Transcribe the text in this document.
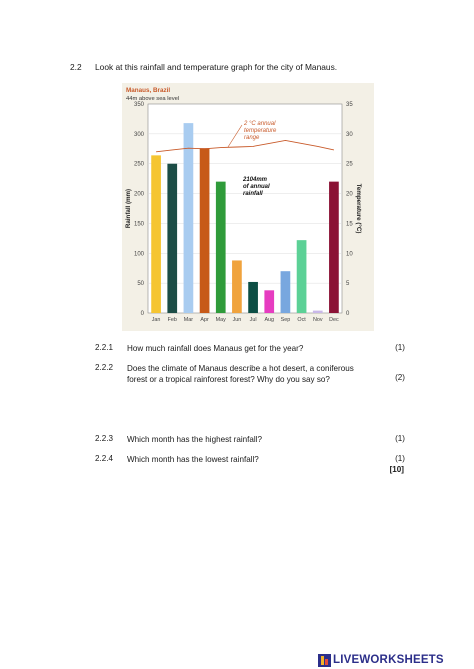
2.2 Look at this rainfall and temperature graph for the city of Manaus.
Manaus, Brazil
44m above sea level
0
50
100
150
200
250
300
350
0
5
10
15
20
25
30
35
Rainfall (mm)	Temperature (°C)
Jan Feb Mar Apr May Jun Jul Aug Sep Oct Nov Dec
2 °C annual
temperature
range
2104mm
of annual
rainfall
2.2.1 How much rainfall does Manaus get for the year?	(1)
2.2.2 Does the climate of Manaus describe a hot desert, a coniferous forest or a tropical rainforest forest? Why do you say so?	(2)
2.2.3 Which month has the highest rainfall?	(1)
2.2.4 Which month has the lowest rainfall?	(1)
[10]
LIVEWORKSHEETS
